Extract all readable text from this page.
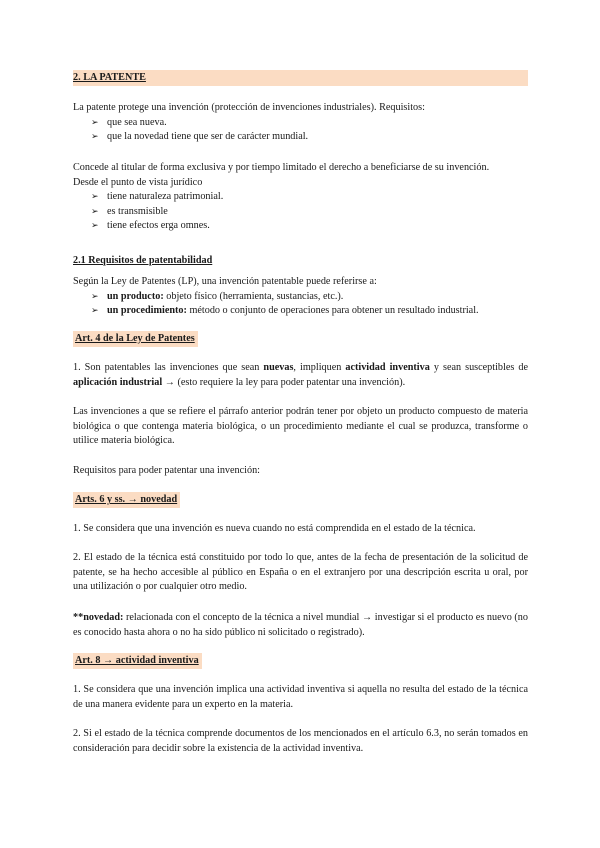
2. LA PATENTE

La patente protege una invención (protección de invenciones industriales). Requisitos:
➢ que sea nueva.
➢ que la novedad tiene que ser de carácter mundial.
Concede al titular de forma exclusiva y por tiempo limitado el derecho a beneficiarse de su invención.
Desde el punto de vista jurídico
➢ tiene naturaleza patrimonial.
➢ es transmisible
➢ tiene efectos erga omnes.

2.1 Requisitos de patentabilidad

Según la Ley de Patentes (LP), una invención patentable puede referirse a:
➢ un producto: objeto físico (herramienta, sustancias, etc.).
➢ un procedimiento: método o conjunto de operaciones para obtener un resultado industrial.

Art. 4 de la Ley de Patentes

1. Son patentables las invenciones que sean nuevas, impliquen actividad inventiva y sean susceptibles de aplicación industrial → (esto requiere la ley para poder patentar una invención).

Las invenciones a que se refiere el párrafo anterior podrán tener por objeto un producto compuesto de materia biológica o que contenga materia biológica, o un procedimiento mediante el cual se produzca, transforme o utilice materia biológica.

Requisitos para poder patentar una invención:

Arts. 6 y ss. → novedad

1. Se considera que una invención es nueva cuando no está comprendida en el estado de la técnica.

2. El estado de la técnica está constituido por todo lo que, antes de la fecha de presentación de la solicitud de patente, se ha hecho accesible al público en España o en el extranjero por una descripción escrita u oral, por una utilización o por cualquier otro medio.

**novedad: relacionada con el concepto de la técnica a nivel mundial → investigar si el producto es nuevo (no es conocido hasta ahora o no ha sido público ni solicitado o registrado).

Art. 8 → actividad inventiva

1. Se considera que una invención implica una actividad inventiva si aquella no resulta del estado de la técnica de una manera evidente para un experto en la materia.

2. Si el estado de la técnica comprende documentos de los mencionados en el artículo 6.3, no serán tomados en consideración para decidir sobre la existencia de la actividad inventiva.
